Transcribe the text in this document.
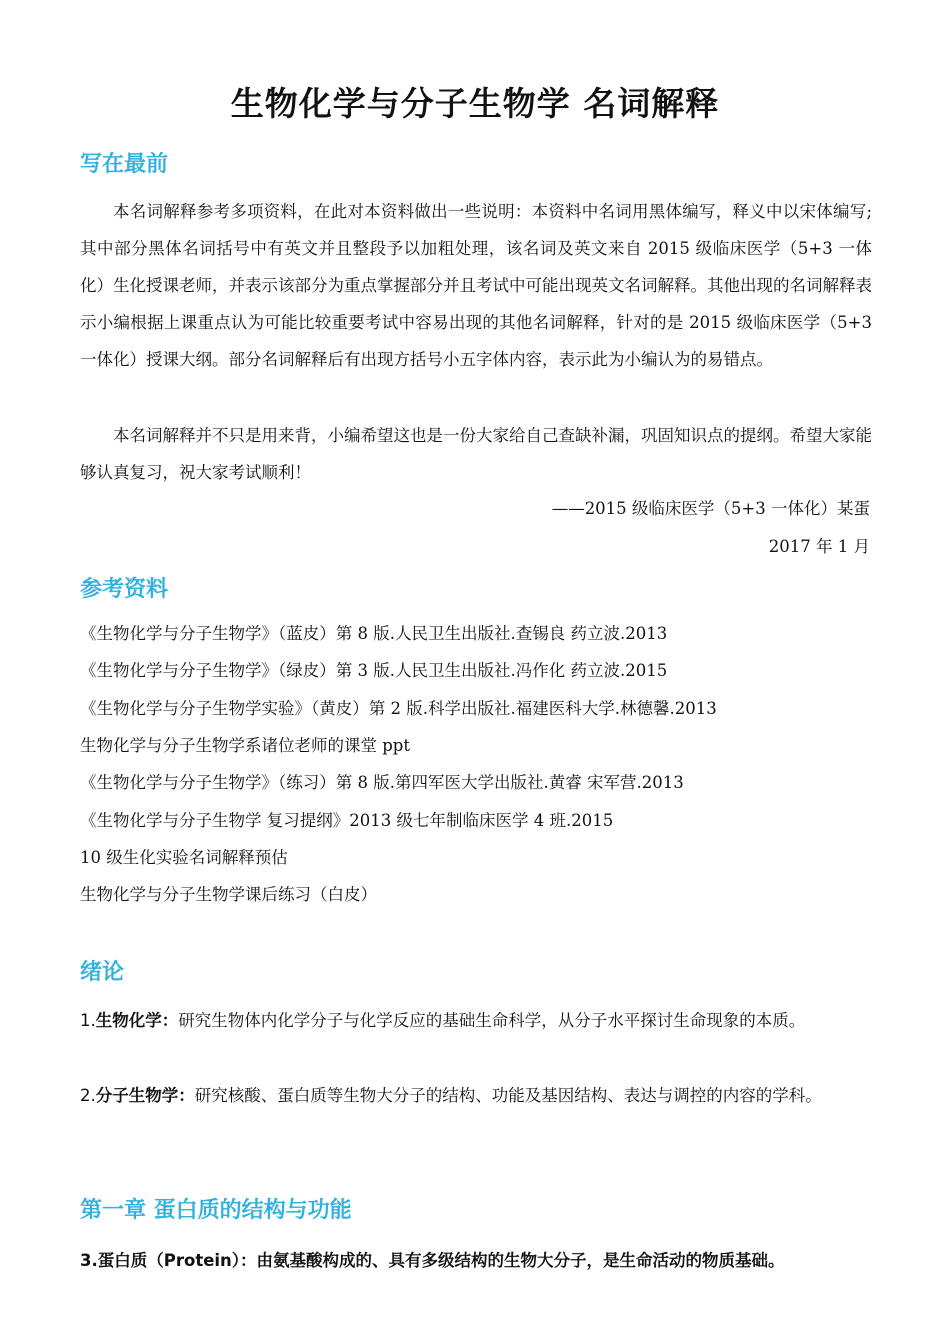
生物化学与分子生物学 名词解释
写在最前
本名词解释参考多项资料，在此对本资料做出一些说明：本资料中名词用黑体编写，释义中以宋体编写;其中部分黑体名词括号中有英文并且整段予以加粗处理，该名词及英文来自 2015 级临床医学（5+3 一体化）生化授课老师，并表示该部分为重点掌握部分并且考试中可能出现英文名词解释。其他出现的名词解释表示小编根据上课重点认为可能比较重要考试中容易出现的其他名词解释，针对的是 2015 级临床医学（5+3 一体化）授课大纲。部分名词解释后有出现方括号小五字体内容，表示此为小编认为的易错点。
本名词解释并不只是用来背，小编希望这也是一份大家给自己查缺补漏，巩固知识点的提纲。希望大家能够认真复习，祝大家考试顺利！
——2015 级临床医学（5+3 一体化）某蛋
2017 年 1 月
参考资料
《生物化学与分子生物学》（蓝皮）第 8 版.人民卫生出版社.查锡良 药立波.2013
《生物化学与分子生物学》（绿皮）第 3 版.人民卫生出版社.冯作化 药立波.2015
《生物化学与分子生物学实验》（黄皮）第 2 版.科学出版社.福建医科大学.林德馨.2013
生物化学与分子生物学系诸位老师的课堂 ppt
《生物化学与分子生物学》（练习）第 8 版.第四军医大学出版社.黄睿 宋军营.2013
《生物化学与分子生物学 复习提纲》2013 级七年制临床医学 4 班.2015
10 级生化实验名词解释预估
生物化学与分子生物学课后练习（白皮）
绪论
1.生物化学：研究生物体内化学分子与化学反应的基础生命科学，从分子水平探讨生命现象的本质。
2.分子生物学：研究核酸、蛋白质等生物大分子的结构、功能及基因结构、表达与调控的内容的学科。
第一章 蛋白质的结构与功能
3.蛋白质（Protein）：由氨基酸构成的、具有多级结构的生物大分子，是生命活动的物质基础。
